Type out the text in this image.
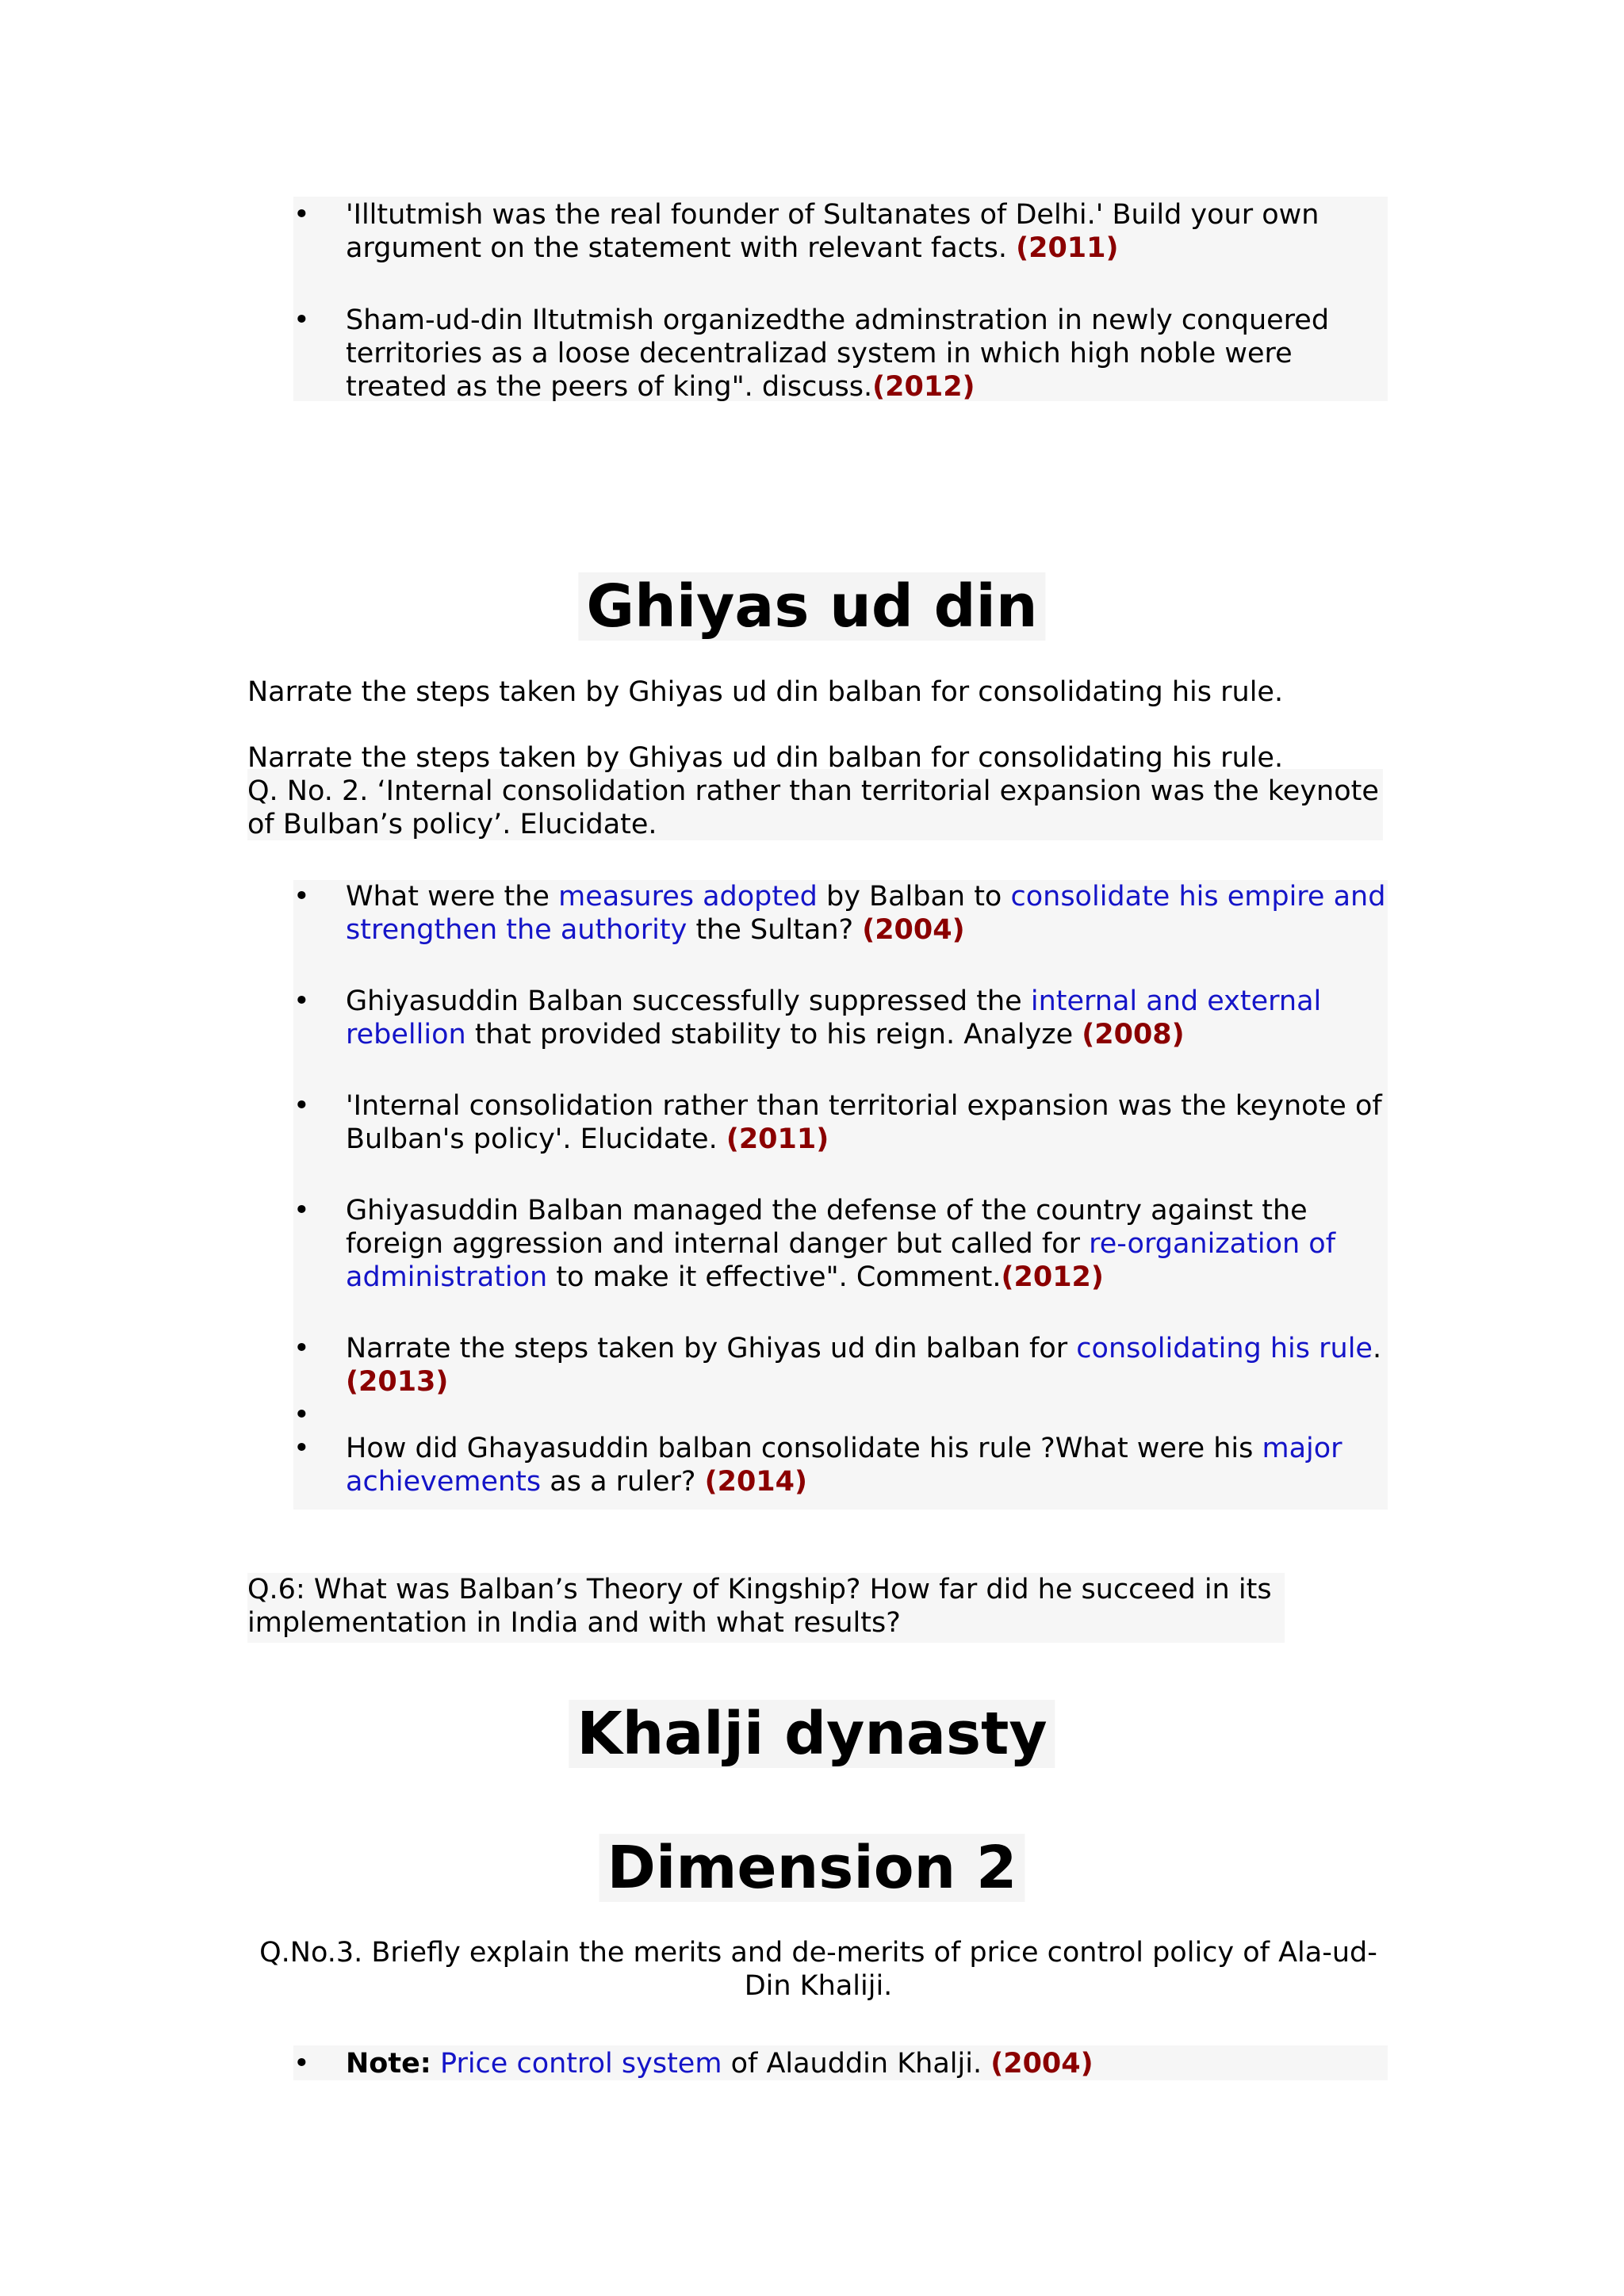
• 'Illtutmish was the real founder of Sultanates of Delhi.' Build your own argument on the statement with relevant facts. (2011)
• Sham-ud-din Iltutmish organizedthe adminstration in newly conquered territories as a loose decentralizad system in which high noble were treated as the peers of king". discuss.(2012)
Ghiyas ud din
Narrate the steps taken by Ghiyas ud din balban for consolidating his rule.
Narrate the steps taken by Ghiyas ud din balban for consolidating his rule.
Q. No. 2. ‘Internal consolidation rather than territorial expansion was the keynote
of Bulban’s policy’. Elucidate.
• What were the measures adopted by Balban to consolidate his empire and strengthen the authority the Sultan? (2004)
• Ghiyasuddin Balban successfully suppressed the internal and external rebellion that provided stability to his reign. Analyze (2008)
• 'Internal consolidation rather than territorial expansion was the keynote of Bulban's policy'. Elucidate. (2011)
• Ghiyasuddin Balban managed the defense of the country against the foreign aggression and internal danger but called for re-organization of administration to make it effective". Comment.(2012)
• Narrate the steps taken by Ghiyas ud din balban for consolidating his rule. (2013)
•

• How did Ghayasuddin balban consolidate his rule ?What were his major achievements as a ruler? (2014)
Q.6: What was Balban’s Theory of Kingship? How far did he succeed in its
implementation in India and with what results?
Khalji dynasty
Dimension 2
Q.No.3. Briefly explain the merits and de-merits of price control policy of Ala-ud-Din Khaliji.
• Note: Price control system of Alauddin Khalji. (2004)
